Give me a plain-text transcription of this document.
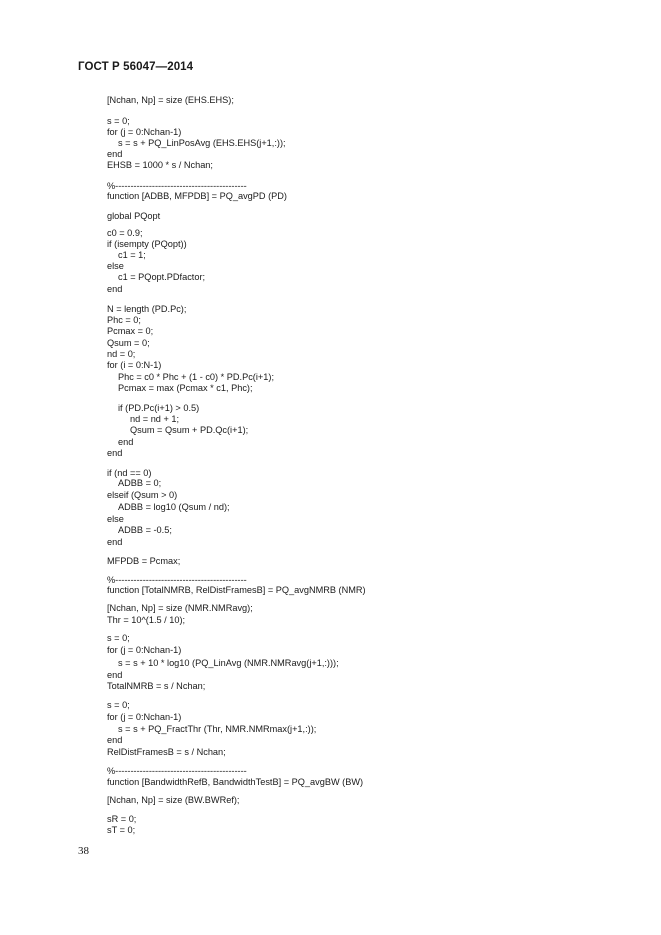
ГОСТ Р 56047—2014
[Nchan, Np] = size (EHS.EHS);
s = 0;
for (j = 0:Nchan-1)
s = s + PQ_LinPosAvg (EHS.EHS(j+1,:));
end
EHSB = 1000 * s / Nchan;
%-------------------------------------------
function [ADBB, MFPDB] = PQ_avgPD (PD)
global PQopt
c0 = 0.9;
if (isempty (PQopt))
c1 = 1;
else
c1 = PQopt.PDfactor;
end
N = length (PD.Pc);
Phc = 0;
Pcmax = 0;
Qsum = 0;
nd = 0;
for (i = 0:N-1)
Phc = c0 * Phc + (1 - c0) * PD.Pc(i+1);
Pcmax = max (Pcmax * c1, Phc);
if (PD.Pc(i+1) > 0.5)
nd = nd + 1;
Qsum = Qsum + PD.Qc(i+1);
end
end
if (nd == 0)
ADBB = 0;
elseif (Qsum > 0)
ADBB = log10 (Qsum / nd);
else
ADBB = -0.5;
end
MFPDB = Pcmax;
%-------------------------------------------
function [TotalNMRB, RelDistFramesB] = PQ_avgNMRB (NMR)
[Nchan, Np] = size (NMR.NMRavg);
Thr = 10^(1.5 / 10);
s = 0;
for (j = 0:Nchan-1)
s = s + 10 * log10 (PQ_LinAvg (NMR.NMRavg(j+1,:)));
end
TotalNMRB = s / Nchan;
s = 0;
for (j = 0:Nchan-1)
s = s + PQ_FractThr (Thr, NMR.NMRmax(j+1,:));
end
RelDistFramesB = s / Nchan;
%-------------------------------------------
function [BandwidthRefB, BandwidthTestB] = PQ_avgBW (BW)
[Nchan, Np] = size (BW.BWRef);
sR = 0;
sT = 0;
38
